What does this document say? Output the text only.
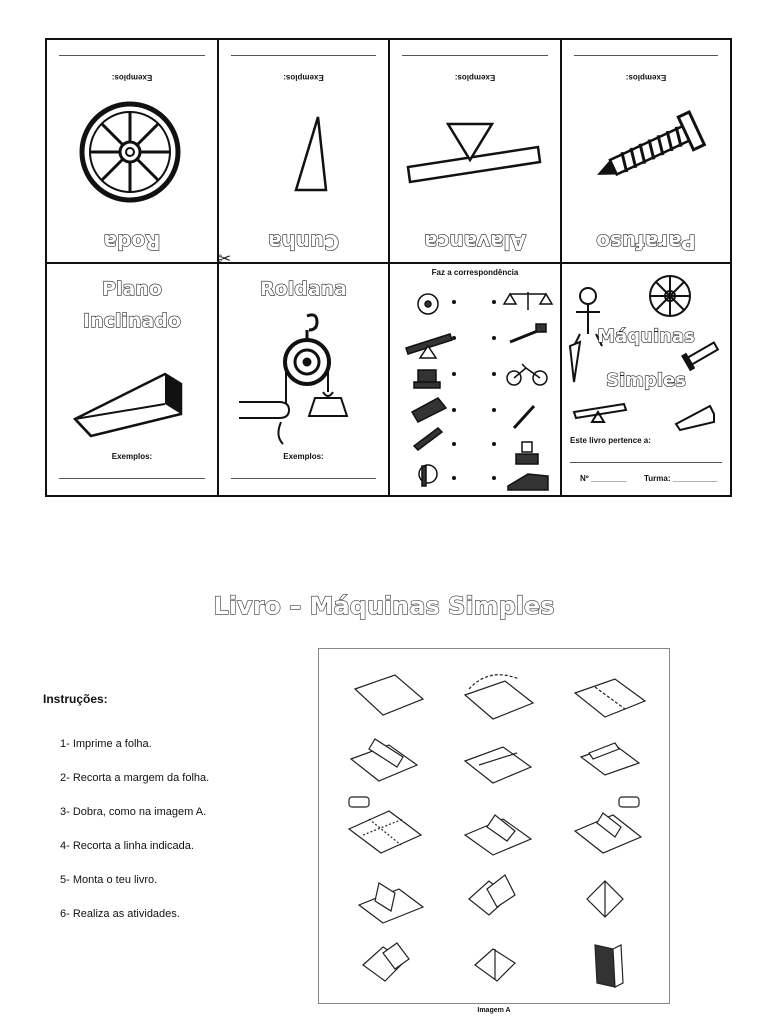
Roda
Exemplos:
Cunha
Exemplos:
Alavanca
Exemplos:
Parafuso
Exemplos:
Plano
Inclinado
Exemplos:
Roldana
Exemplos:
Faz a correspondência
Máquinas
Simples
Este livro pertence a:
Nº ________ Turma: __________
✂
Livro – Máquinas Simples
Instruções:
1- Imprime a folha.
2- Recorta a margem da folha.
3- Dobra, como na imagem A.
4- Recorta a linha indicada.
5- Monta o teu livro.
6- Realiza as atividades.
Imagem A
